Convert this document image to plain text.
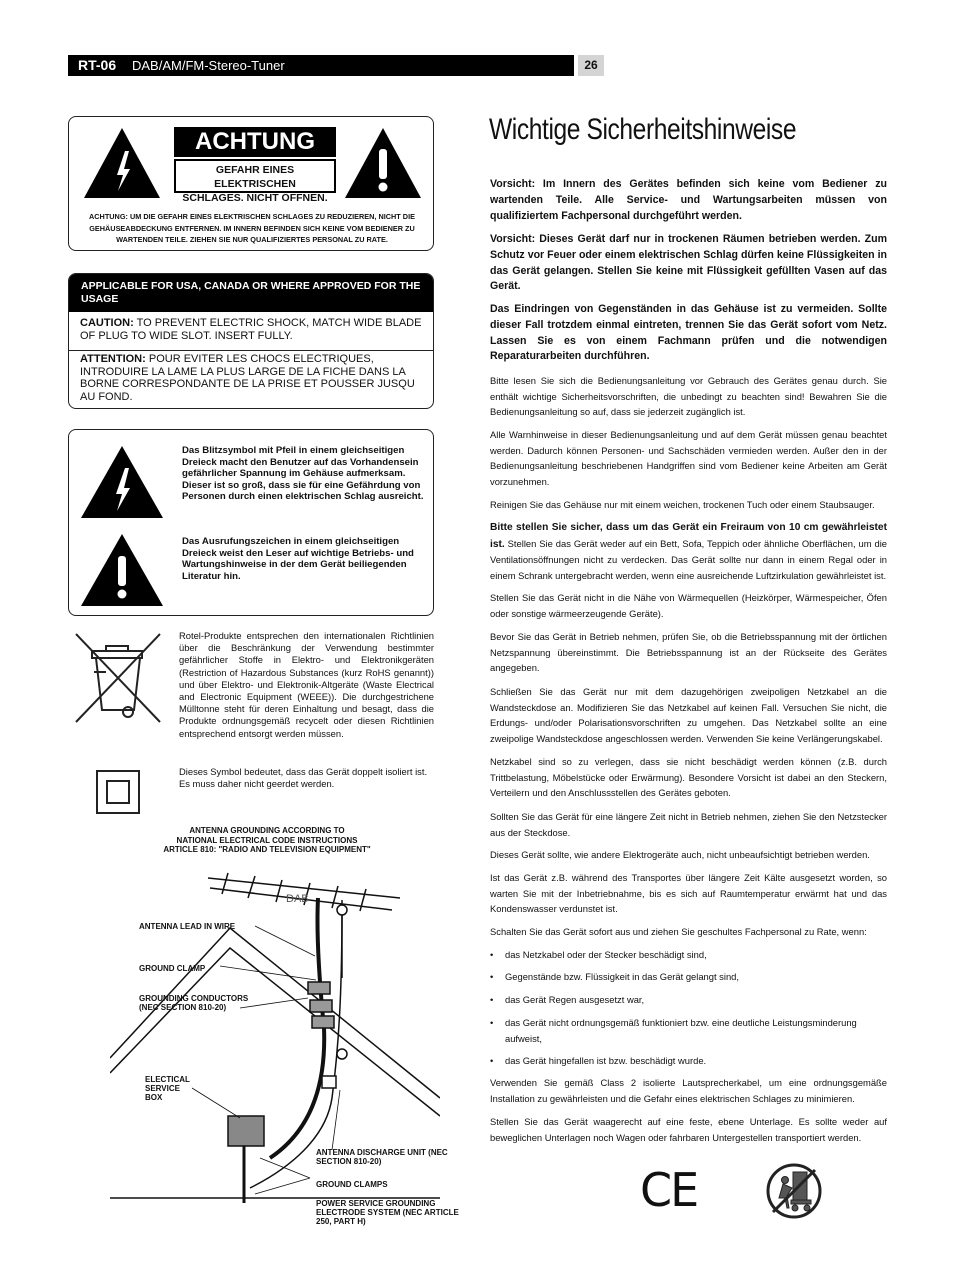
RT-06 DAB/AM/FM-Stereo-Tuner	26
ACHTUNG
GEFAHR EINES ELEKTRISCHEN
SCHLAGES. NICHT ÖFFNEN.
ACHTUNG: UM DIE GEFAHR EINES ELEKTRISCHEN SCHLAGES ZU REDUZIEREN, NICHT DIE GEHÄUSEABDECKUNG ENTFERNEN. IM INNERN BEFINDEN SICH KEINE VOM BEDIENER ZU WARTENDEN TEILE. ZIEHEN SIE NUR QUALIFIZIERTES PERSONAL ZU RATE.
APPLICABLE FOR USA, CANADA OR WHERE APPROVED FOR THE USAGE
CAUTION: TO PREVENT ELECTRIC SHOCK, MATCH WIDE BLADE OF PLUG TO WIDE SLOT. INSERT FULLY.
ATTENTION: POUR EVITER LES CHOCS ELECTRIQUES, INTRODUIRE LA LAME LA PLUS LARGE DE LA FICHE DANS LA BORNE CORRESPONDANTE DE LA PRISE ET POUSSER JUSQU AU FOND.
Das Blitzsymbol mit Pfeil in einem gleichseitigen Dreieck macht den Benutzer auf das Vorhandensein gefährlicher Spannung im Gehäuse aufmerksam. Dieser ist so groß, dass sie für eine Gefährdung von Personen durch einen elektrischen Schlag ausreicht.
Das Ausrufungszeichen in einem gleichseitigen Dreieck weist den Leser auf wichtige Betriebs- und Wartungshinweise in der dem Gerät beiliegenden Literatur hin.
Rotel-Produkte entsprechen den internationalen Richtlinien über die Beschränkung der Verwendung bestimmter gefährlicher Stoffe in Elektro- und Elektronikgeräten (Restriction of Hazardous Substances (kurz RoHS genannt)) und über Elektro- und Elektronik-Altgeräte (Waste Electrical and Electronic Equipment (WEEE)). Die durchgestrichene Mülltonne steht für deren Einhaltung und besagt, dass die Produkte ordnungsgemäß recycelt oder diesen Richtlinien entsprechend entsorgt werden müssen.
Dieses Symbol bedeutet, dass das Gerät doppelt isoliert ist. Es muss daher nicht geerdet werden.
ANTENNA GROUNDING ACCORDING TO
NATIONAL ELECTRICAL CODE INSTRUCTIONS
ARTICLE 810: "RADIO AND TELEVISION EQUIPMENT"
DAB
ANTENNA LEAD IN WIRE
GROUND CLAMP
GROUNDING CONDUCTORS (NEC SECTION 810-20)
ELECTICAL SERVICE BOX
ANTENNA DISCHARGE UNIT (NEC SECTION 810-20)
GROUND CLAMPS
POWER SERVICE GROUNDING ELECTRODE SYSTEM (NEC ARTICLE 250, PART H)
Wichtige Sicherheitshinweise
Vorsicht: Im Innern des Gerätes befinden sich keine vom Bediener zu wartenden Teile. Alle Service- und Wartungsarbeiten müssen von qualifiziertem Fachpersonal durchgeführt werden.
Vorsicht: Dieses Gerät darf nur in trockenen Räumen betrieben werden. Zum Schutz vor Feuer oder einem elektrischen Schlag dürfen keine Flüssigkeiten in das Gerät gelangen. Stellen Sie keine mit Flüssigkeit gefüllten Vasen auf das Gerät.
Das Eindringen von Gegenständen in das Gehäuse ist zu vermeiden. Sollte dieser Fall trotzdem einmal eintreten, trennen Sie das Gerät sofort vom Netz. Lassen Sie es von einem Fachmann prüfen und die notwendigen Reparaturarbeiten durchführen.
Bitte lesen Sie sich die Bedienungsanleitung vor Gebrauch des Gerätes genau durch. Sie enthält wichtige Sicherheitsvorschriften, die unbedingt zu beachten sind! Bewahren Sie die Bedienungsanleitung so auf, dass sie jederzeit zugänglich ist.
Alle Warnhinweise in dieser Bedienungsanleitung und auf dem Gerät müssen genau beachtet werden. Dadurch können Personen- und Sachschäden vermieden werden. Außer den in der Bedienungsanleitung beschriebenen Handgriffen sind vom Bediener keine Arbeiten am Gerät vorzunehmen.
Reinigen Sie das Gehäuse nur mit einem weichen, trockenen Tuch oder einem Staubsauger.
Bitte stellen Sie sicher, dass um das Gerät ein Freiraum von 10 cm gewährleistet ist. Stellen Sie das Gerät weder auf ein Bett, Sofa, Teppich oder ähnliche Oberflächen, um die Ventilationsöffnungen nicht zu verdecken. Das Gerät sollte nur dann in einem Regal oder in einem Schrank untergebracht werden, wenn eine ausreichende Luftzirkulation gewährleistet ist.
Stellen Sie das Gerät nicht in die Nähe von Wärmequellen (Heizkörper, Wärmespeicher, Öfen oder sonstige wärmeerzeugende Geräte).
Bevor Sie das Gerät in Betrieb nehmen, prüfen Sie, ob die Betriebsspannung mit der örtlichen Netzspannung übereinstimmt. Die Betriebsspannung ist an der Rückseite des Gerätes angegeben.
Schließen Sie das Gerät nur mit dem dazugehörigen zweipoligen Netzkabel an die Wandsteckdose an. Modifizieren Sie das Netzkabel auf keinen Fall. Versuchen Sie nicht, die Erdungs- und/oder Polarisationsvorschriften zu umgehen. Das Netzkabel sollte an eine zweipolige Wandsteckdose angeschlossen werden. Verwenden Sie keine Verlängerungskabel.
Netzkabel sind so zu verlegen, dass sie nicht beschädigt werden können (z.B. durch Trittbelastung, Möbelstücke oder Erwärmung). Besondere Vorsicht ist dabei an den Steckern, Verteilern und den Anschlussstellen des Gerätes geboten.
Sollten Sie das Gerät für eine längere Zeit nicht in Betrieb nehmen, ziehen Sie den Netzstecker aus der Steckdose.
Dieses Gerät sollte, wie andere Elektrogeräte auch, nicht unbeaufsichtigt betrieben werden.
Ist das Gerät z.B. während des Transportes über längere Zeit Kälte ausgesetzt worden, so warten Sie mit der Inbetriebnahme, bis es sich auf Raumtemperatur erwärmt hat und das Kondenswasser verdunstet ist.
Schalten Sie das Gerät sofort aus und ziehen Sie geschultes Fachpersonal zu Rate, wenn:
• das Netzkabel oder der Stecker beschädigt sind,
• Gegenstände bzw. Flüssigkeit in das Gerät gelangt sind,
• das Gerät Regen ausgesetzt war,
• das Gerät nicht ordnungsgemäß funktioniert bzw. eine deutliche Leistungsminderung aufweist,
• das Gerät hingefallen ist bzw. beschädigt wurde.
Verwenden Sie gemäß Class 2 isolierte Lautsprecherkabel, um eine ordnungsgemäße Installation zu gewährleisten und die Gefahr eines elektrischen Schlages zu minimieren.
Stellen Sie das Gerät waagerecht auf eine feste, ebene Unterlage. Es sollte weder auf beweglichen Unterlagen noch Wagen oder fahrbaren Untergestellen transportiert werden.
CE
